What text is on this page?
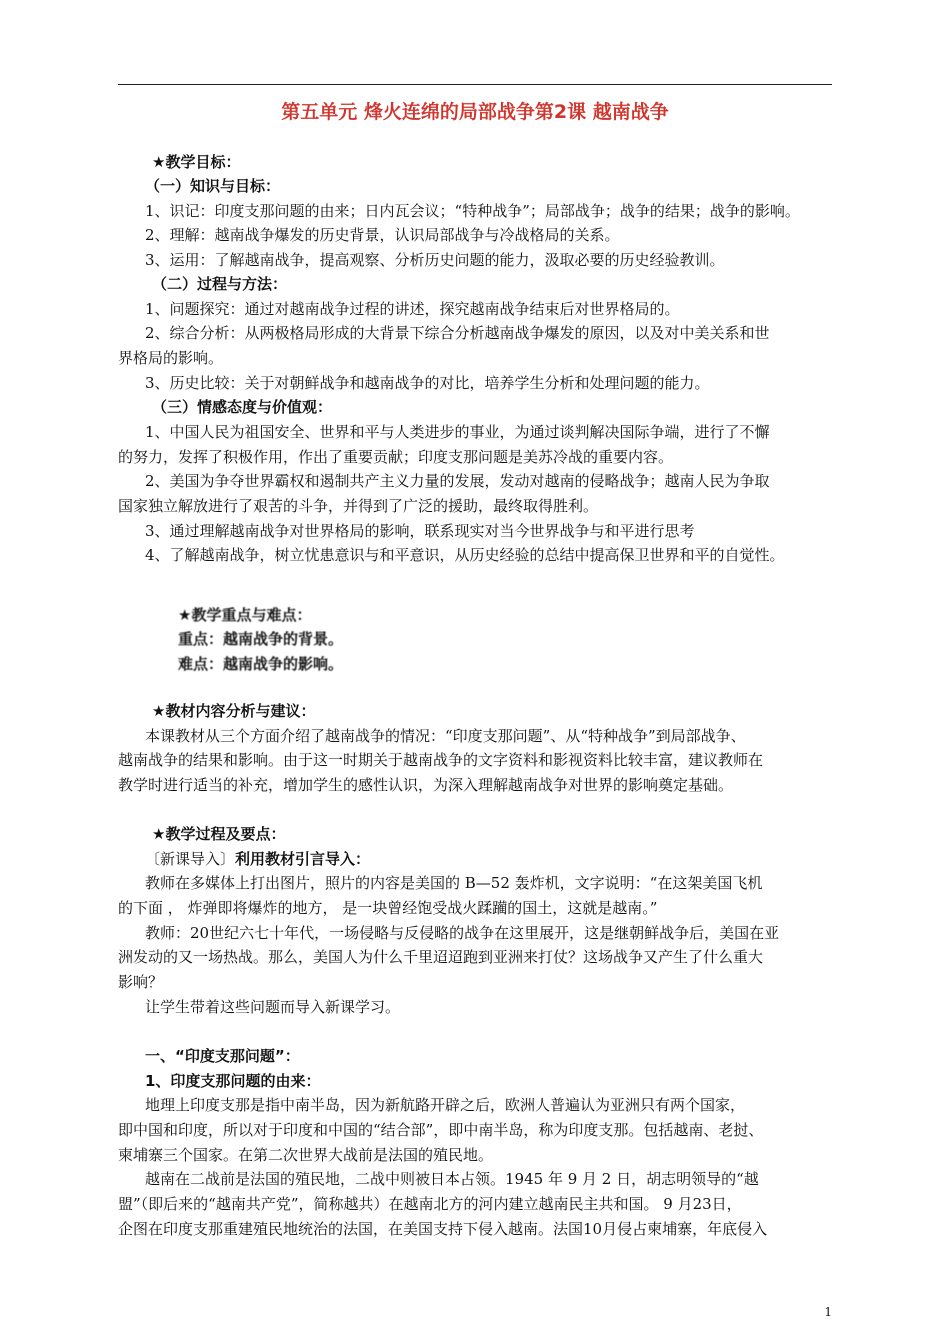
第五单元 烽火连绵的局部战争第2课 越南战争
★教学目标：
（一）知识与目标：
1、识记：印度支那问题的由来；日内瓦会议；“特种战争”；局部战争；战争的结果；战争的影响。
2、理解：越南战争爆发的历史背景，认识局部战争与冷战格局的关系。
3、运用：了解越南战争，提高观察、分析历史问题的能力，汲取必要的历史经验教训。
（二）过程与方法：
1、问题探究：通过对越南战争过程的讲述，探究越南战争结束后对世界格局的。
2、综合分析：从两极格局形成的大背景下综合分析越南战争爆发的原因，以及对中美关系和世
界格局的影响。
3、历史比较：关于对朝鲜战争和越南战争的对比，培养学生分析和处理问题的能力。
（三）情感态度与价值观：
1、中国人民为祖国安全、世界和平与人类进步的事业，为通过谈判解决国际争端，进行了不懈
的努力，发挥了积极作用，作出了重要贡献；印度支那问题是美苏冷战的重要内容。
2、美国为争夺世界霸权和遏制共产主义力量的发展，发动对越南的侵略战争；越南人民为争取
国家独立解放进行了艰苦的斗争，并得到了广泛的援助，最终取得胜利。
3、通过理解越南战争对世界格局的影响，联系现实对当今世界战争与和平进行思考
4、了解越南战争，树立忧患意识与和平意识，从历史经验的总结中提高保卫世界和平的自觉性。
★教学重点与难点：
重点：越南战争的背景。
难点：越南战争的影响。
★教材内容分析与建议：
本课教材从三个方面介绍了越南战争的情况：“印度支那问题”、从“特种战争”到局部战争、
越南战争的结果和影响。由于这一时期关于越南战争的文字资料和影视资料比较丰富，建议教师在
教学时进行适当的补充，增加学生的感性认识，为深入理解越南战争对世界的影响奠定基础。
★教学过程及要点：
〔新课导入〕利用教材引言导入：
教师在多媒体上打出图片，照片的内容是美国的 B—52 轰炸机，文字说明：“在这架美国飞机
的下面 ， 炸弹即将爆炸的地方， 是一块曾经饱受战火蹂躏的国土，这就是越南。”
教师：20世纪六七十年代，一场侵略与反侵略的战争在这里展开，这是继朝鲜战争后，美国在亚
洲发动的又一场热战。那么，美国人为什么千里迢迢跑到亚洲来打仗？这场战争又产生了什么重大
影响？
让学生带着这些问题而导入新课学习。
一、“印度支那问题”：
1、印度支那问题的由来：
地理上印度支那是指中南半岛，因为新航路开辟之后，欧洲人普遍认为亚洲只有两个国家，
即中国和印度，所以对于印度和中国的“结合部”，即中南半岛，称为印度支那。包括越南、老挝、
柬埔寨三个国家。在第二次世界大战前是法国的殖民地。
越南在二战前是法国的殖民地，二战中则被日本占领。1945 年 9 月 2 日，胡志明领导的“越
盟”（即后来的“越南共产党”，简称越共）在越南北方的河内建立越南民主共和国。 9 月23日，
企图在印度支那重建殖民地统治的法国，在美国支持下侵入越南。法国10月侵占柬埔寨，年底侵入
1
